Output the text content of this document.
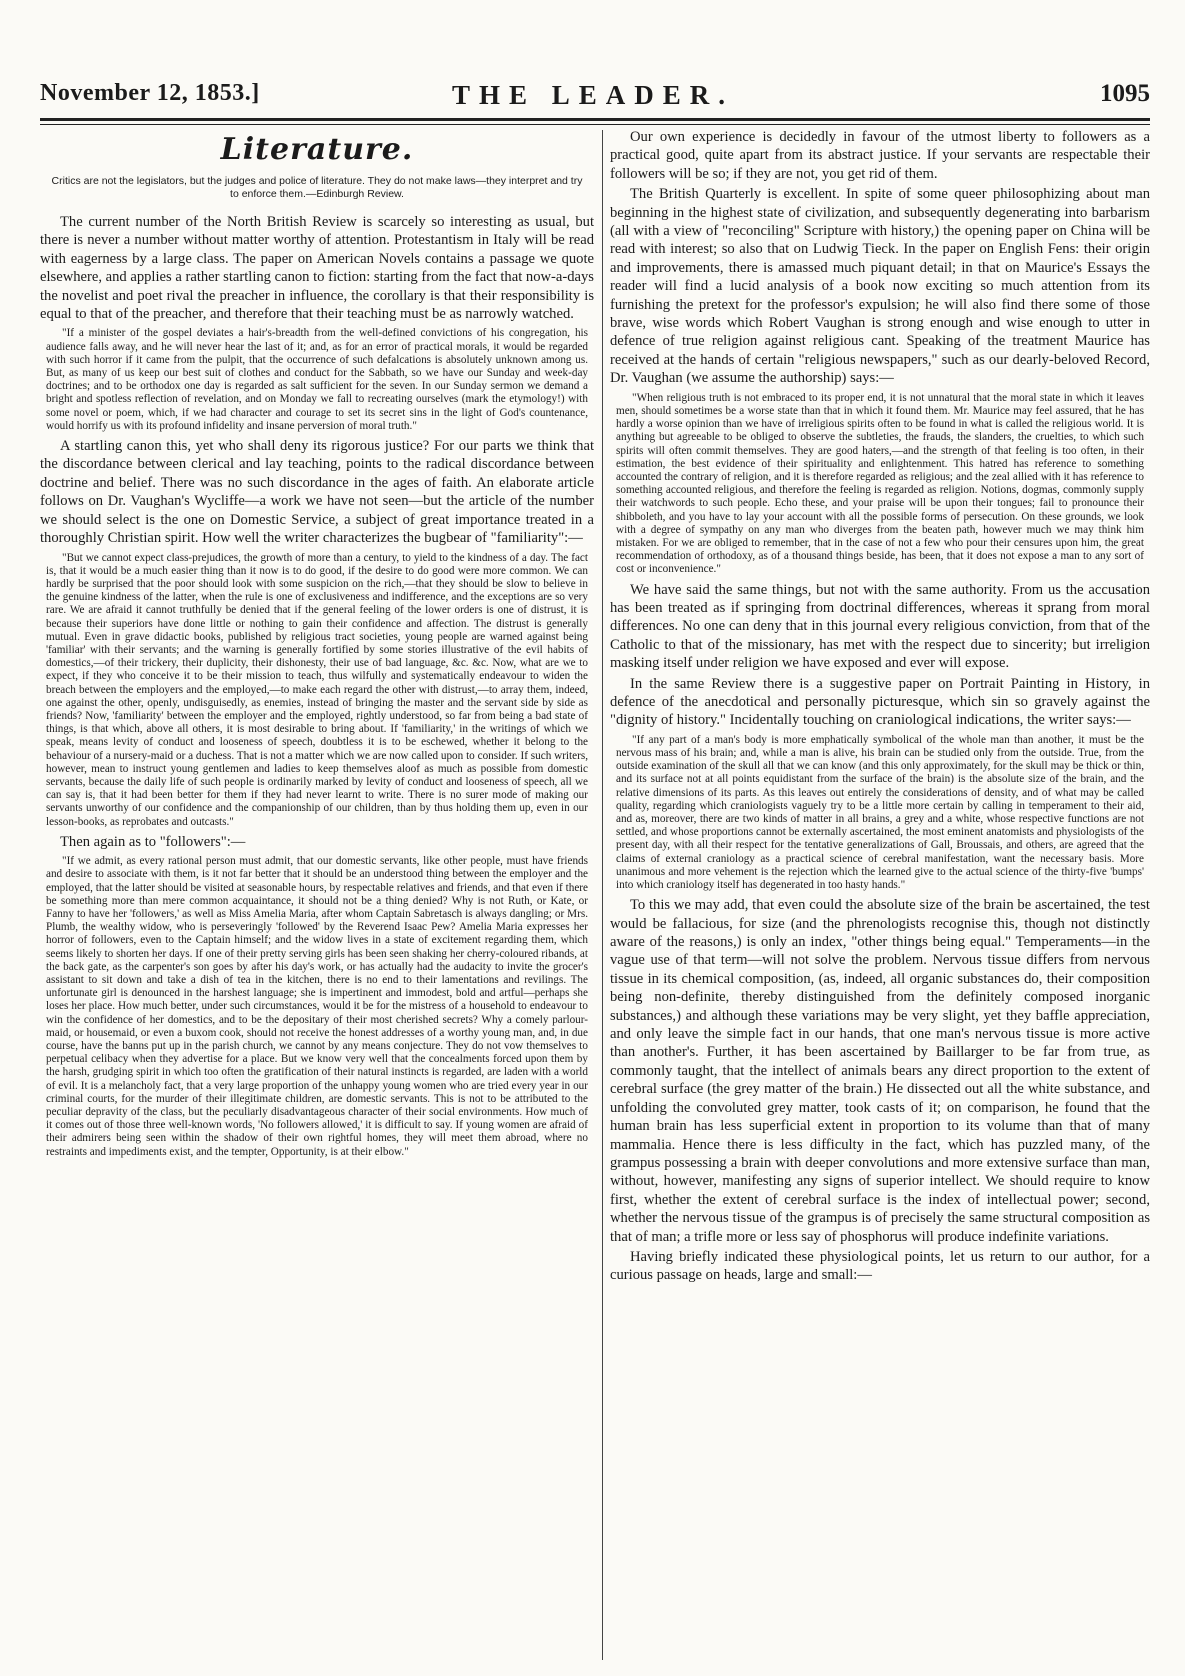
November 12, 1853.]	THE LEADER.	1095
Literature.
Critics are not the legislators, but the judges and police of literature. They do not make laws—they interpret and try to enforce them.—Edinburgh Review.

The current number of the North British Review is scarcely so interesting as usual, but there is never a number without matter worthy of attention. Protestantism in Italy will be read with eagerness by a large class. The paper on American Novels contains a passage we quote elsewhere, and applies a rather startling canon to fiction: starting from the fact that now-a-days the novelist and poet rival the preacher in influence, the corollary is that their responsibility is equal to that of the preacher, and therefore that their teaching must be as narrowly watched.

"If a minister of the gospel deviates a hair's-breadth from the well-defined convictions of his congregation, his audience falls away, and he will never hear the last of it; and, as for an error of practical morals, it would be regarded with such horror if it came from the pulpit, that the occurrence of such defalcations is absolutely unknown among us. But, as many of us keep our best suit of clothes and conduct for the Sabbath, so we have our Sunday and week-day doctrines; and to be orthodox one day is regarded as salt sufficient for the seven. In our Sunday sermon we demand a bright and spotless reflection of revelation, and on Monday we fall to recreating ourselves (mark the etymology!) with some novel or poem, which, if we had character and courage to set its secret sins in the light of God's countenance, would horrify us with its profound infidelity and insane perversion of moral truth."

A startling canon this, yet who shall deny its rigorous justice? For our parts we think that the discordance between clerical and lay teaching, points to the radical discordance between doctrine and belief. There was no such discordance in the ages of faith. An elaborate article follows on Dr. Vaughan's Wycliffe—a work we have not seen—but the article of the number we should select is the one on Domestic Service, a subject of great importance treated in a thoroughly Christian spirit. How well the writer characterizes the bugbear of "familiarity":—

"But we cannot expect class-prejudices, the growth of more than a century, to yield to the kindness of a day. The fact is, that it would be a much easier thing than it now is to do good, if the desire to do good were more common. We can hardly be surprised that the poor should look with some suspicion on the rich,—that they should be slow to believe in the genuine kindness of the latter, when the rule is one of exclusiveness and indifference, and the exceptions are so very rare. We are afraid it cannot truthfully be denied that if the general feeling of the lower orders is one of distrust, it is because their superiors have done little or nothing to gain their confidence and affection. The distrust is generally mutual. Even in grave didactic books, published by religious tract societies, young people are warned against being 'familiar' with their servants; and the warning is generally fortified by some stories illustrative of the evil habits of domestics,—of their trickery, their duplicity, their dishonesty, their use of bad language, &c. &c. Now, what are we to expect, if they who conceive it to be their mission to teach, thus wilfully and systematically endeavour to widen the breach between the employers and the employed,—to make each regard the other with distrust,—to array them, indeed, one against the other, openly, undisguisedly, as enemies, instead of bringing the master and the servant side by side as friends? Now, 'familiarity' between the employer and the employed, rightly understood, so far from being a bad state of things, is that which, above all others, it is most desirable to bring about. If 'familiarity,' in the writings of which we speak, means levity of conduct and looseness of speech, doubtless it is to be eschewed, whether it belong to the behaviour of a nursery-maid or a duchess. That is not a matter which we are now called upon to consider. If such writers, however, mean to instruct young gentlemen and ladies to keep themselves aloof as much as possible from domestic servants, because the daily life of such people is ordinarily marked by levity of conduct and looseness of speech, all we can say is, that it had been better for them if they had never learnt to write. There is no surer mode of making our servants unworthy of our confidence and the companionship of our children, than by thus holding them up, even in our lesson-books, as reprobates and outcasts."

Then again as to "followers":—

"If we admit, as every rational person must admit, that our domestic servants, like other people, must have friends and desire to associate with them, is it not far better that it should be an understood thing between the employer and the employed, that the latter should be visited at seasonable hours, by respectable relatives and friends, and that even if there be something more than mere common acquaintance, it should not be a thing denied? Why is not Ruth, or Kate, or Fanny to have her 'followers,' as well as Miss Amelia Maria, after whom Captain Sabretasch is always dangling; or Mrs. Plumb, the wealthy widow, who is perseveringly 'followed' by the Reverend Isaac Pew? Amelia Maria expresses her horror of followers, even to the Captain himself; and the widow lives in a state of excitement regarding them, which seems likely to shorten her days. If one of their pretty serving girls has been seen shaking her cherry-coloured ribands, at the back gate, as the carpenter's son goes by after his day's work, or has actually had the audacity to invite the grocer's assistant to sit down and take a dish of tea in the kitchen, there is no end to their lamentations and revilings. The unfortunate girl is denounced in the harshest language; she is impertinent and immodest, bold and artful—perhaps she loses her place. How much better, under such circumstances, would it be for the mistress of a household to endeavour to win the confidence of her domestics, and to be the depositary of their most cherished secrets? Why a comely parlour-maid, or housemaid, or even a buxom cook, should not receive the honest addresses of a worthy young man, and, in due course, have the banns put up in the parish church, we cannot by any means conjecture. They do not vow themselves to perpetual celibacy when they advertise for a place. But we know very well that the concealments forced upon them by the harsh, grudging spirit in which too often the gratification of their natural instincts is regarded, are laden with a world of evil. It is a melancholy fact, that a very large proportion of the unhappy young women who are tried every year in our criminal courts, for the murder of their illegitimate children, are domestic servants. This is not to be attributed to the peculiar depravity of the class, but the peculiarly disadvantageous character of their social environments. How much of it comes out of those three well-known words, 'No followers allowed,' it is difficult to say. If young women are afraid of their admirers being seen within the shadow of their own rightful homes, they will meet them abroad, where no restraints and impediments exist, and the tempter, Opportunity, is at their elbow."

Our own experience is decidedly in favour of the utmost liberty to followers as a practical good, quite apart from its abstract justice. If your servants are respectable their followers will be so; if they are not, you get rid of them.

The British Quarterly is excellent. In spite of some queer philosophizing about man beginning in the highest state of civilization, and subsequently degenerating into barbarism (all with a view of "reconciling" Scripture with history,) the opening paper on China will be read with interest; so also that on Ludwig Tieck. In the paper on English Fens: their origin and improvements, there is amassed much piquant detail; in that on Maurice's Essays the reader will find a lucid analysis of a book now exciting so much attention from its furnishing the pretext for the professor's expulsion; he will also find there some of those brave, wise words which Robert Vaughan is strong enough and wise enough to utter in defence of true religion against religious cant. Speaking of the treatment Maurice has received at the hands of certain "religious newspapers," such as our dearly-beloved Record, Dr. Vaughan (we assume the authorship) says:—

"When religious truth is not embraced to its proper end, it is not unnatural that the moral state in which it leaves men, should sometimes be a worse state than that in which it found them. Mr. Maurice may feel assured, that he has hardly a worse opinion than we have of irreligious spirits often to be found in what is called the religious world. It is anything but agreeable to be obliged to observe the subtleties, the frauds, the slanders, the cruelties, to which such spirits will often commit themselves. They are good haters,—and the strength of that feeling is too often, in their estimation, the best evidence of their spirituality and enlightenment. This hatred has reference to something accounted the contrary of religion, and it is therefore regarded as religious; and the zeal allied with it has reference to something accounted religious, and therefore the feeling is regarded as religion. Notions, dogmas, commonly supply their watchwords to such people. Echo these, and your praise will be upon their tongues; fail to pronounce their shibboleth, and you have to lay your account with all the possible forms of persecution. On these grounds, we look with a degree of sympathy on any man who diverges from the beaten path, however much we may think him mistaken. For we are obliged to remember, that in the case of not a few who pour their censures upon him, the great recommendation of orthodoxy, as of a thousand things beside, has been, that it does not expose a man to any sort of cost or inconvenience."

We have said the same things, but not with the same authority. From us the accusation has been treated as if springing from doctrinal differences, whereas it sprang from moral differences. No one can deny that in this journal every religious conviction, from that of the Catholic to that of the missionary, has met with the respect due to sincerity; but irreligion masking itself under religion we have exposed and ever will expose.

In the same Review there is a suggestive paper on Portrait Painting in History, in defence of the anecdotical and personally picturesque, which sin so gravely against the "dignity of history." Incidentally touching on craniological indications, the writer says:—

"If any part of a man's body is more emphatically symbolical of the whole man than another, it must be the nervous mass of his brain; and, while a man is alive, his brain can be studied only from the outside. True, from the outside examination of the skull all that we can know (and this only approximately, for the skull may be thick or thin, and its surface not at all points equidistant from the surface of the brain) is the absolute size of the brain, and the relative dimensions of its parts. As this leaves out entirely the considerations of density, and of what may be called quality, regarding which craniologists vaguely try to be a little more certain by calling in temperament to their aid, and as, moreover, there are two kinds of matter in all brains, a grey and a white, whose respective functions are not settled, and whose proportions cannot be externally ascertained, the most eminent anatomists and physiologists of the present day, with all their respect for the tentative generalizations of Gall, Broussais, and others, are agreed that the claims of external craniology as a practical science of cerebral manifestation, want the necessary basis. More unanimous and more vehement is the rejection which the learned give to the actual science of the thirty-five 'bumps' into which craniology itself has degenerated in too hasty hands."

To this we may add, that even could the absolute size of the brain be ascertained, the test would be fallacious, for size (and the phrenologists recognise this, though not distinctly aware of the reasons,) is only an index, "other things being equal." Temperaments—in the vague use of that term—will not solve the problem. Nervous tissue differs from nervous tissue in its chemical composition, (as, indeed, all organic substances do, their composition being non-definite, thereby distinguished from the definitely composed inorganic substances,) and although these variations may be very slight, yet they baffle appreciation, and only leave the simple fact in our hands, that one man's nervous tissue is more active than another's. Further, it has been ascertained by Baillarger to be far from true, as commonly taught, that the intellect of animals bears any direct proportion to the extent of cerebral surface (the grey matter of the brain.) He dissected out all the white substance, and unfolding the convoluted grey matter, took casts of it; on comparison, he found that the human brain has less superficial extent in proportion to its volume than that of many mammalia. Hence there is less difficulty in the fact, which has puzzled many, of the grampus possessing a brain with deeper convolutions and more extensive surface than man, without, however, manifesting any signs of superior intellect. We should require to know first, whether the extent of cerebral surface is the index of intellectual power; second, whether the nervous tissue of the grampus is of precisely the same structural composition as that of man; a trifle more or less say of phosphorus will produce indefinite variations.

Having briefly indicated these physiological points, let us return to our author, for a curious passage on heads, large and small:—
